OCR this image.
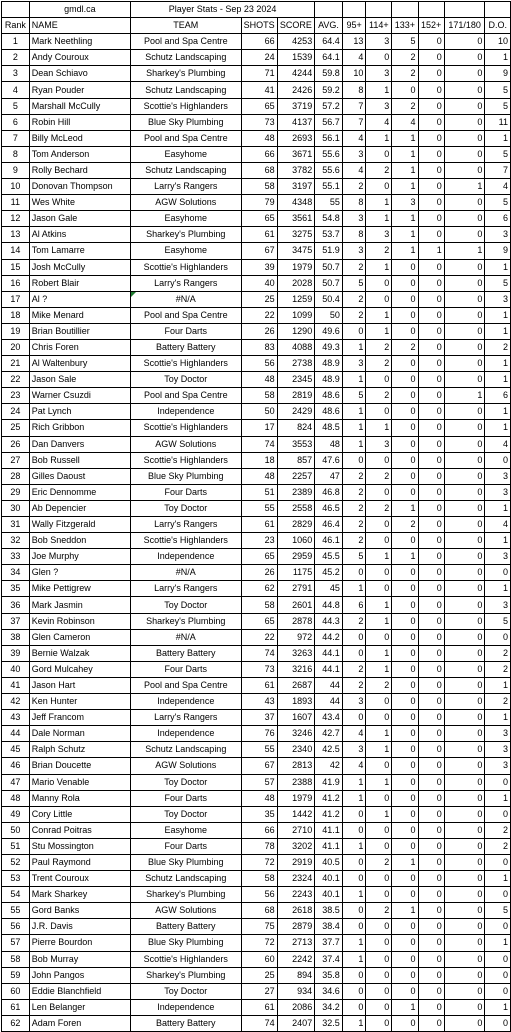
	gmdl.ca	Player Stats - Sep 23 2024									
Rank	NAME	TEAM	SHOTS	SCORE	AVG.	95+	114+	133+	152+	171/180	D.O.
1	Mark Neethling	Pool and Spa Centre	66	4253	64.4	13	3	5	0	0	10
2	Andy Couroux	Schutz Landscaping	24	1539	64.1	4	0	2	0	0	1
3	Dean Schiavo	Sharkey's Plumbing	71	4244	59.8	10	3	2	0	0	9
4	Ryan Pouder	Schutz Landscaping	41	2426	59.2	8	1	0	0	0	5
5	Marshall McCully	Scottie's Highlanders	65	3719	57.2	7	3	2	0	0	5
6	Robin Hill	Blue Sky Plumbing	73	4137	56.7	7	4	4	0	0	11
7	Billy McLeod	Pool and Spa Centre	48	2693	56.1	4	1	1	0	0	1
8	Tom Anderson	Easyhome	66	3671	55.6	3	0	1	0	0	5
9	Rolly Bechard	Schutz Landscaping	68	3782	55.6	4	2	1	0	0	7
10	Donovan Thompson	Larry's Rangers	58	3197	55.1	2	0	1	0	1	4
11	Wes White	AGW Solutions	79	4348	55	8	1	3	0	0	5
12	Jason Gale	Easyhome	65	3561	54.8	3	1	1	0	0	6
13	Al Atkins	Sharkey's Plumbing	61	3275	53.7	8	3	1	0	0	3
14	Tom Lamarre	Easyhome	67	3475	51.9	3	2	1	1	1	9
15	Josh McCully	Scottie's Highlanders	39	1979	50.7	2	1	0	0	0	1
16	Robert Blair	Larry's Rangers	40	2028	50.7	5	0	0	0	0	5
17	Al ?	#N/A	25	1259	50.4	2	0	0	0	0	3
18	Mike Menard	Pool and Spa Centre	22	1099	50	2	1	0	0	0	1
19	Brian Boutillier	Four Darts	26	1290	49.6	0	1	0	0	0	1
20	Chris Foren	Battery Battery	83	4088	49.3	1	2	2	0	0	2
21	Al Waltenbury	Scottie's Highlanders	56	2738	48.9	3	2	0	0	0	1
22	Jason Sale	Toy Doctor	48	2345	48.9	1	0	0	0	0	1
23	Warner Csuzdi	Pool and Spa Centre	58	2819	48.6	5	2	0	0	1	6
24	Pat Lynch	Independence	50	2429	48.6	1	0	0	0	0	1
25	Rich Gribbon	Scottie's Highlanders	17	824	48.5	1	1	0	0	0	1
26	Dan Danvers	AGW Solutions	74	3553	48	1	3	0	0	0	4
27	Bob Russell	Scottie's Highlanders	18	857	47.6	0	0	0	0	0	0
28	Gilles Daoust	Blue Sky Plumbing	48	2257	47	2	2	0	0	0	3
29	Eric Dennomme	Four Darts	51	2389	46.8	2	0	0	0	0	3
30	Ab Depencier	Toy Doctor	55	2558	46.5	2	2	1	0	0	1
31	Wally Fitzgerald	Larry's Rangers	61	2829	46.4	2	0	2	0	0	4
32	Bob Sneddon	Scottie's Highlanders	23	1060	46.1	2	0	0	0	0	1
33	Joe Murphy	Independence	65	2959	45.5	5	1	1	0	0	3
34	Glen ?	#N/A	26	1175	45.2	0	0	0	0	0	0
35	Mike Pettigrew	Larry's Rangers	62	2791	45	1	0	0	0	0	1
36	Mark Jasmin	Toy Doctor	58	2601	44.8	6	1	0	0	0	3
37	Kevin Robinson	Sharkey's Plumbing	65	2878	44.3	2	1	0	0	0	5
38	Glen Cameron	#N/A	22	972	44.2	0	0	0	0	0	0
39	Bernie Walzak	Battery Battery	74	3263	44.1	0	1	0	0	0	2
40	Gord Mulcahey	Four Darts	73	3216	44.1	2	1	0	0	0	2
41	Jason Hart	Pool and Spa Centre	61	2687	44	2	2	0	0	0	1
42	Ken Hunter	Independence	43	1893	44	3	0	0	0	0	2
43	Jeff Francom	Larry's Rangers	37	1607	43.4	0	0	0	0	0	1
44	Dale Norman	Independence	76	3246	42.7	4	1	0	0	0	3
45	Ralph Schutz	Schutz Landscaping	55	2340	42.5	3	1	0	0	0	3
46	Brian Doucette	AGW Solutions	67	2813	42	4	0	0	0	0	3
47	Mario Venable	Toy Doctor	57	2388	41.9	1	1	0	0	0	0
48	Manny Rola	Four Darts	48	1979	41.2	1	0	0	0	0	1
49	Cory Little	Toy Doctor	35	1442	41.2	0	1	0	0	0	0
50	Conrad Poitras	Easyhome	66	2710	41.1	0	0	0	0	0	2
51	Stu Mossington	Four Darts	78	3202	41.1	1	0	0	0	0	2
52	Paul Raymond	Blue Sky Plumbing	72	2919	40.5	0	2	1	0	0	0
53	Trent Couroux	Schutz Landscaping	58	2324	40.1	0	0	0	0	0	1
54	Mark Sharkey	Sharkey's Plumbing	56	2243	40.1	1	0	0	0	0	0
55	Gord Banks	AGW Solutions	68	2618	38.5	0	2	1	0	0	5
56	J.R. Davis	Battery Battery	75	2879	38.4	0	0	0	0	0	0
57	Pierre Bourdon	Blue Sky Plumbing	72	2713	37.7	1	0	0	0	0	1
58	Bob Murray	Scottie's Highlanders	60	2242	37.4	1	0	0	0	0	0
59	John Pangos	Sharkey's Plumbing	25	894	35.8	0	0	0	0	0	0
60	Eddie Blanchfield	Toy Doctor	27	934	34.6	0	0	0	0	0	0
61	Len Belanger	Independence	61	2086	34.2	0	0	1	0	0	1
62	Adam Foren	Battery Battery	74	2407	32.5	1	0	0	0	0	0
